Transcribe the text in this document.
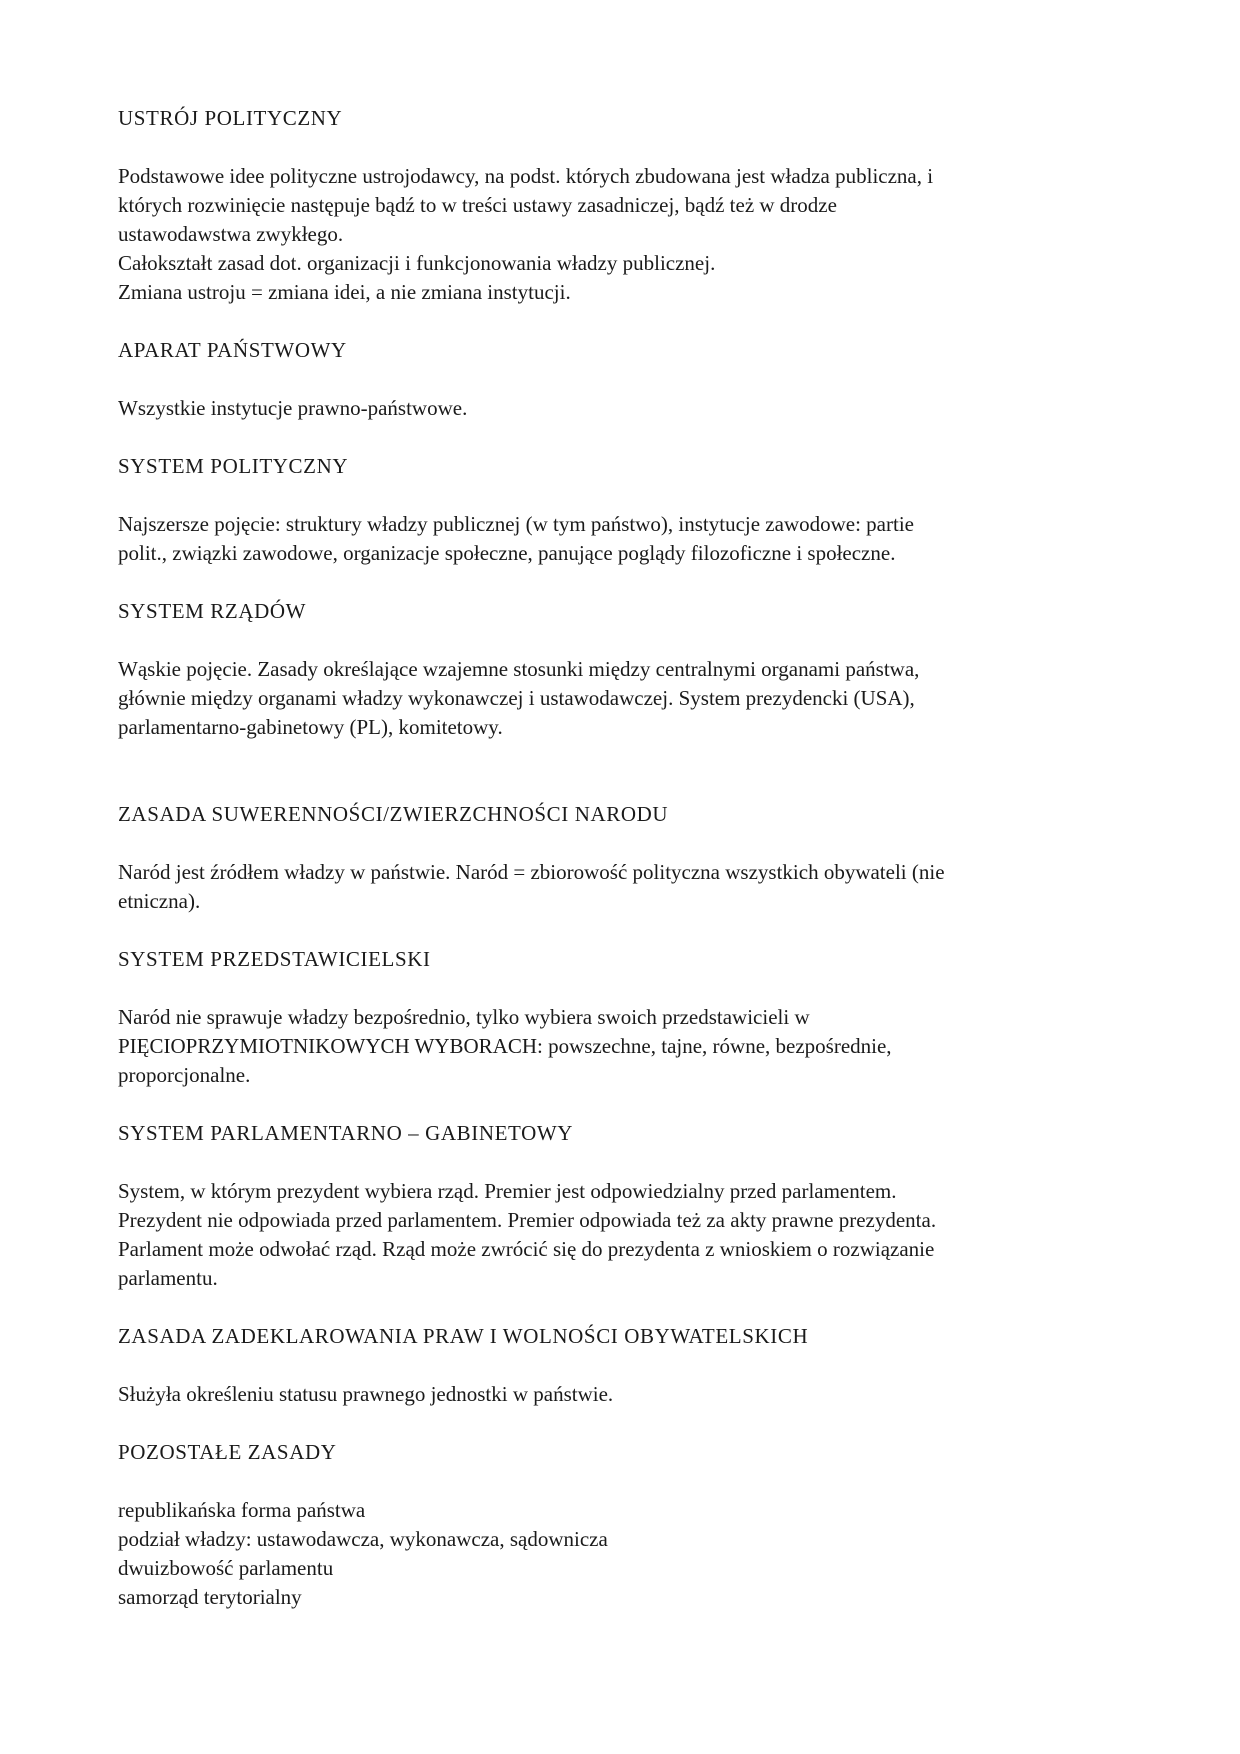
USTRÓJ POLITYCZNY
Podstawowe idee polityczne ustrojodawcy, na podst. których zbudowana jest władza publiczna, i
których rozwinięcie następuje bądź to w treści ustawy zasadniczej, bądź też w drodze
ustawodawstwa zwykłego.
Całokształt zasad dot. organizacji i funkcjonowania władzy publicznej.
Zmiana ustroju = zmiana idei, a nie zmiana instytucji.
APARAT PAŃSTWOWY
Wszystkie instytucje prawno-państwowe.
SYSTEM POLITYCZNY
Najszersze pojęcie: struktury władzy publicznej (w tym państwo), instytucje zawodowe: partie
polit., związki zawodowe, organizacje społeczne, panujące poglądy filozoficzne i społeczne.
SYSTEM RZĄDÓW
Wąskie pojęcie. Zasady określające wzajemne stosunki między centralnymi organami państwa,
głównie między organami władzy wykonawczej i ustawodawczej. System prezydencki (USA),
parlamentarno-gabinetowy (PL), komitetowy.
ZASADA SUWERENNOŚCI/ZWIERZCHNOŚCI NARODU
Naród jest źródłem władzy w państwie. Naród = zbiorowość polityczna wszystkich obywateli (nie
etniczna).
SYSTEM PRZEDSTAWICIELSKI
Naród nie sprawuje władzy bezpośrednio, tylko wybiera swoich przedstawicieli w
PIĘCIOPRZYMIOTNIKOWYCH WYBORACH: powszechne, tajne, równe, bezpośrednie,
proporcjonalne.
SYSTEM PARLAMENTARNO – GABINETOWY
System, w którym prezydent wybiera rząd. Premier jest odpowiedzialny przed parlamentem.
Prezydent nie odpowiada przed parlamentem. Premier odpowiada też za akty prawne prezydenta.
Parlament może odwołać rząd. Rząd może zwrócić się do prezydenta z wnioskiem o rozwiązanie
parlamentu.
ZASADA ZADEKLAROWANIA PRAW I WOLNOŚCI OBYWATELSKICH
Służyła określeniu statusu prawnego jednostki w państwie.
POZOSTAŁE ZASADY
republikańska forma państwa
podział władzy: ustawodawcza, wykonawcza, sądownicza
dwuizbowość parlamentu
samorząd terytorialny
